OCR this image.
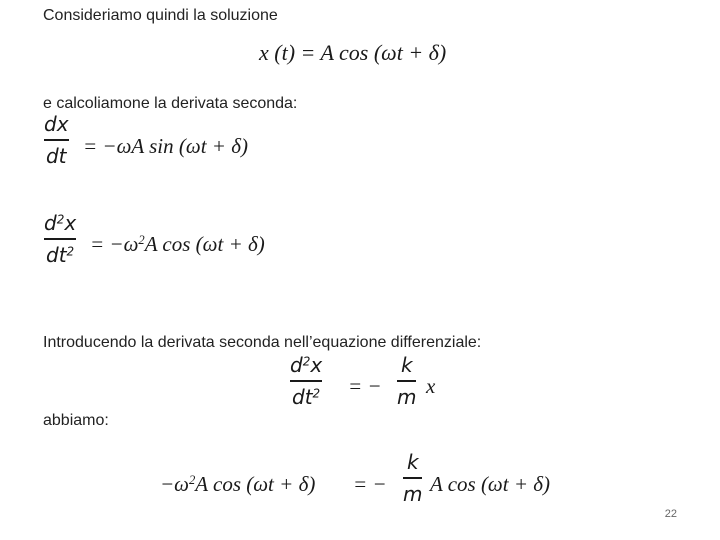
Consideriamo quindi la soluzione
x (t) = A cos (ωt + δ)
e calcoliamone la derivata seconda:
dx
dt = −ωA sin (ωt + δ)
$d^2x$
$dt^2 = -\omega^2A$ cos (ωt + δ)
Introducendo la derivata seconda nell’equazione differenziale:
$d^2x$
$dt^2$ = −
k
m x
abbiamo:
$-\omega^2A$ cos (ωt + δ) = −
k
m A cos (ωt + δ)
22
